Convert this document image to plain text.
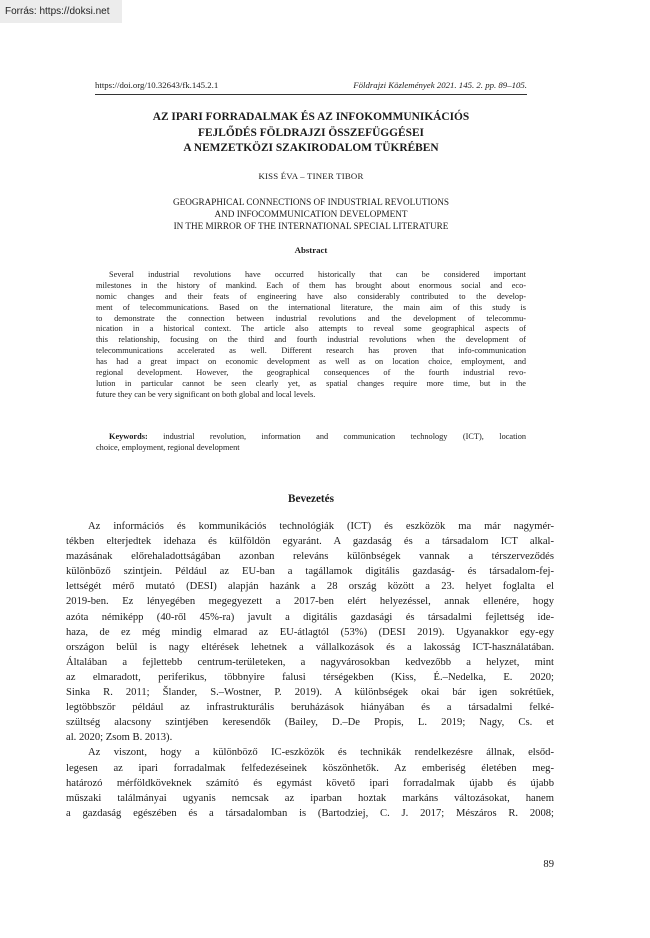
Forrás: https://doksi.net
https://doi.org/10.32643/fk.145.2.1	Földrajzi Közlemények 2021. 145. 2. pp. 89–105.
AZ IPARI FORRADALMAK ÉS AZ INFOKOMMUNIKÁCIÓS
FEJLŐDÉS FÖLDRAJZI ÖSSZEFÜGGÉSEI
A NEMZETKÖZI SZAKIRODALOM TÜKRÉBEN
KISS ÉVA – TINER TIBOR
GEOGRAPHICAL CONNECTIONS OF INDUSTRIAL REVOLUTIONS
AND INFOCOMMUNICATION DEVELOPMENT
IN THE MIRROR OF THE INTERNATIONAL SPECIAL LITERATURE
Abstract
Several industrial revolutions have occurred historically that can be considered important
milestones in the history of mankind. Each of them has brought about enormous social and eco-
nomic changes and their feats of engineering have also considerably contributed to the develop-
ment of telecommunications. Based on the international literature, the main aim of this study is
to demonstrate the connection between industrial revolutions and the development of telecommu-
nication in a historical context. The article also attempts to reveal some geographical aspects of
this relationship, focusing on the third and fourth industrial revolutions when the development of
telecommunications accelerated as well. Different research has proven that info-communication
has had a great impact on economic development as well as on location choice, employment, and
regional development. However, the geographical consequences of the fourth industrial revo-
lution in particular cannot be seen clearly yet, as spatial changes require more time, but in the
future they can be very significant on both global and local levels.
Keywords: industrial revolution, information and communication technology (ICT), location
choice, employment, regional development
Bevezetés
Az információs és kommunikációs technológiák (ICT) és eszközök ma már nagymér-
tékben elterjedtek idehaza és külföldön egyaránt. A gazdaság és a társadalom ICT alkal-
mazásának előrehaladottságában azonban releváns különbségek vannak a térszerveződés
különböző szintjein. Például az EU-ban a tagállamok digitális gazdaság- és társadalom-fej-
lettségét mérő mutató (DESI) alapján hazánk a 28 ország között a 23. helyet foglalta el
2019-ben. Ez lényegében megegyezett a 2017-ben elért helyezéssel, annak ellenére, hogy
azóta némiképp (40-ről 45%-ra) javult a digitális gazdasági és társadalmi fejlettség ide-
haza, de ez még mindig elmarad az EU-átlagtól (53%) (DESI 2019). Ugyanakkor egy-egy
országon belül is nagy eltérések lehetnek a vállalkozások és a lakosság ICT-használatában.
Általában a fejlettebb centrum-területeken, a nagyvárosokban kedvezőbb a helyzet, mint
az elmaradott, periferikus, többnyire falusi térségekben (Kiss, É.–Nedelka, E. 2020;
Sinka R. 2011; Šlander, S.–Wostner, P. 2019). A különbségek okai bár igen sokrétűek,
legtöbbször például az infrastrukturális beruházások hiányában és a társadalmi felké-
szültség alacsony szintjében keresendők (Bailey, D.–De Propis, L. 2019; Nagy, Cs. et
al. 2020; Zsom B. 2013).
Az viszont, hogy a különböző IC-eszközök és technikák rendelkezésre állnak, elsőd-
legesen az ipari forradalmak felfedezéseinek köszönhetők. Az emberiség életében meg-
határozó mérföldköveknek számító és egymást követő ipari forradalmak újabb és újabb
műszaki találmányai ugyanis nemcsak az iparban hoztak markáns változásokat, hanem
a gazdaság egészében és a társadalomban is (Bartodziej, C. J. 2017; Mészáros R. 2008;
89
